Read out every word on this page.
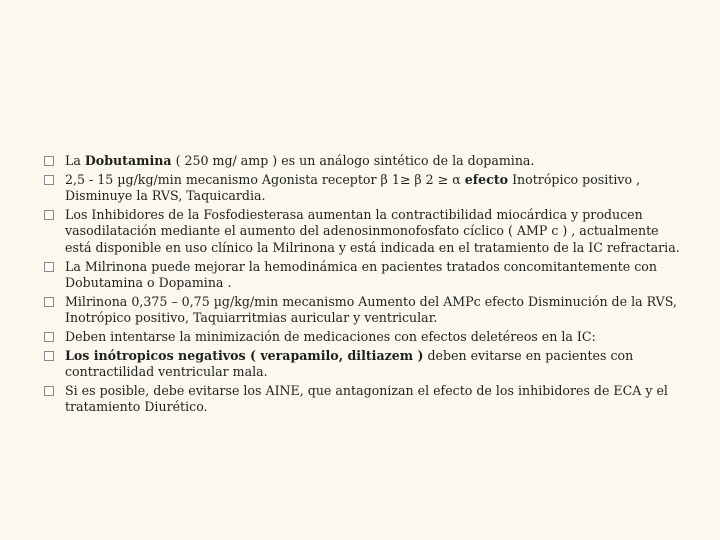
La Dobutamina ( 250 mg/ amp ) es un análogo sintético de la dopamina.
2,5 - 15 µg/kg/min mecanismo Agonista receptor β 1≥ β 2 ≥ α efecto Inotrópico positivo , Disminuye la RVS, Taquicardia.
Los Inhibidores de la Fosfodiesterasa aumentan la contractibilidad miocárdica y producen vasodilatación mediante el aumento del adenosinmonofosfato cíclico ( AMP c ) , actualmente está disponible en uso clínico la Milrinona y está indicada en el tratamiento de la IC refractaria.
La Milrinona puede mejorar la hemodinámica en pacientes tratados concomitantemente con Dobutamina o Dopamina .
Milrinona 0,375 – 0,75 µg/kg/min mecanismo Aumento del AMPc efecto Disminución de la RVS, Inotrópico positivo, Taquiarritmias auricular y ventricular.
Deben intentarse la minimización de medicaciones con efectos deletéreos en la IC:
Los inótropicos negativos ( verapamilo, diltiazem ) deben evitarse en pacientes con contractilidad ventricular mala.
Si es posible, debe evitarse los AINE, que antagonizan el efecto de los inhibidores de ECA y el tratamiento Diurético.
